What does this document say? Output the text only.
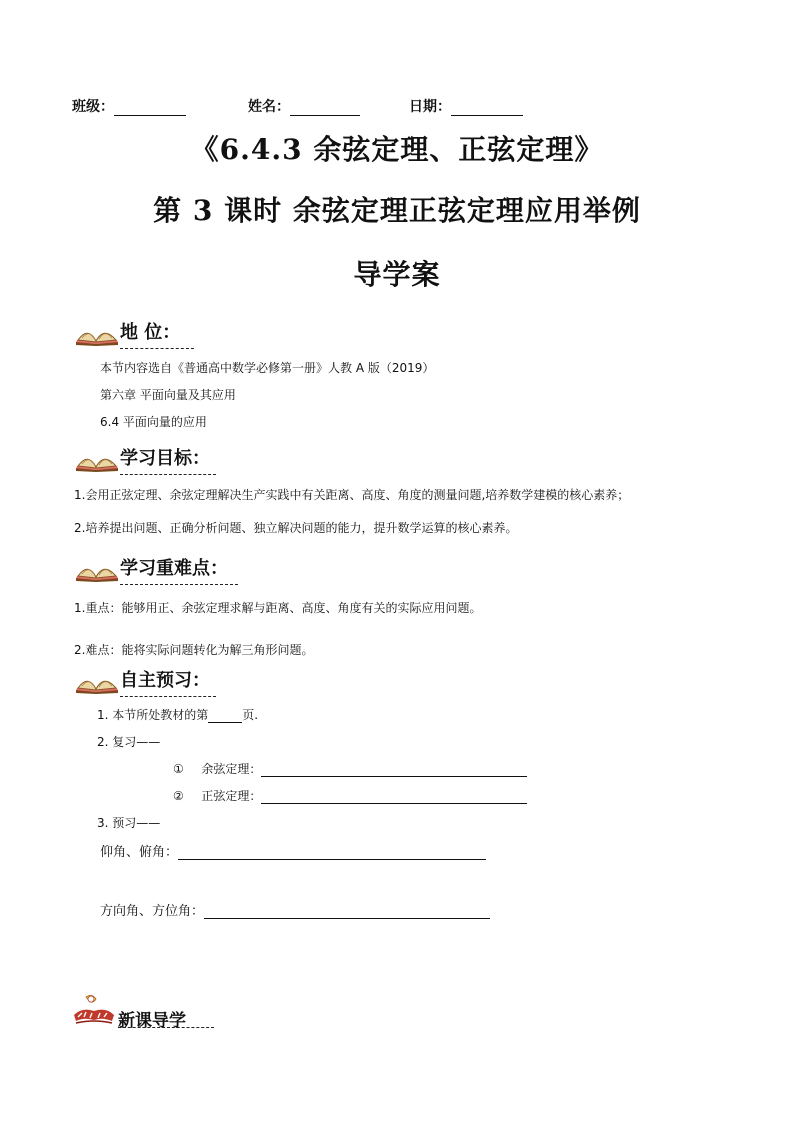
班级：	姓名：	日期：
《6.4.3 余弦定理、正弦定理》
第 3 课时 余弦定理正弦定理应用举例
导学案
地 位：
本节内容选自《普通高中数学必修第一册》人教 A 版（2019）
第六章 平面向量及其应用
6.4 平面向量的应用
学习目标：
1.会用正弦定理、余弦定理解决生产实践中有关距离、高度、角度的测量问题,培养数学建模的核心素养；
2.培养提出问题、正确分析问题、独立解决问题的能力，提升数学运算的核心素养。
学习重难点：
1.重点：能够用正、余弦定理求解与距离、高度、角度有关的实际应用问题。
2.难点：能将实际问题转化为解三角形问题。
自主预习：
1. 本节所处教材的第	页.
2. 复习——
① 余弦定理：
② 正弦定理：
3. 预习——
仰角、俯角：
方向角、方位角：
新课导学
